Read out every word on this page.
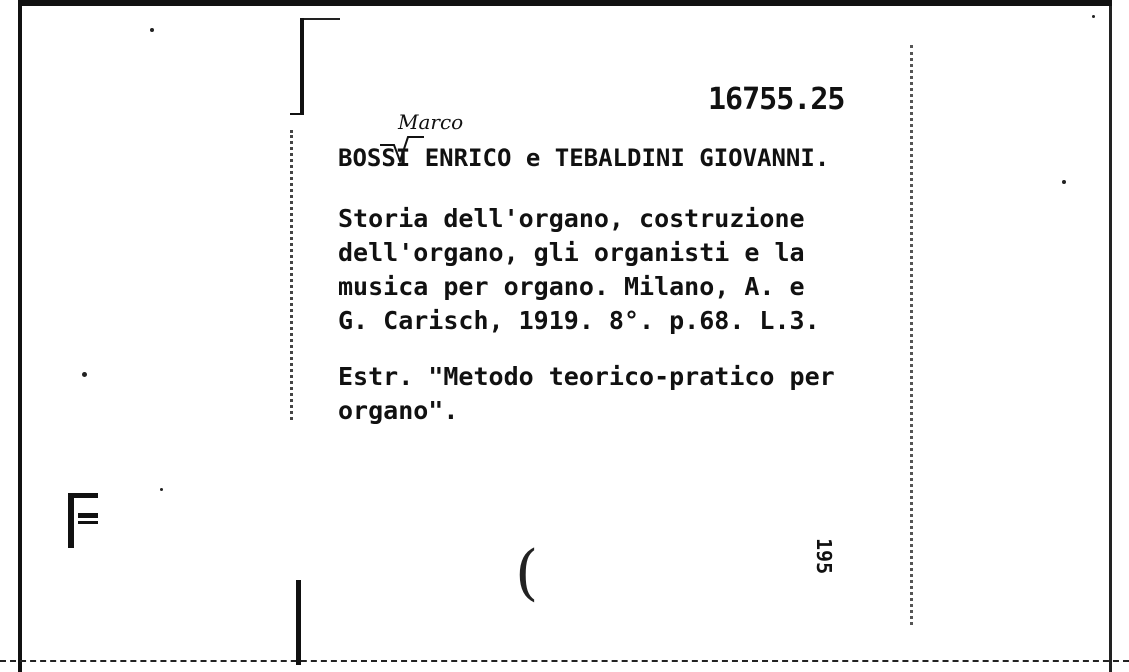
16755.25
Marco
BOSSI ENRICO e TEBALDINI GIOVANNI.
Storia dell'organo, costruzione
dell'organo, gli organisti e la
musica per organo. Milano, A. e
G. Carisch, 1919. 8°. p.68. L.3.
Estr. "Metodo teorico-pratico per
organo".
(	195
